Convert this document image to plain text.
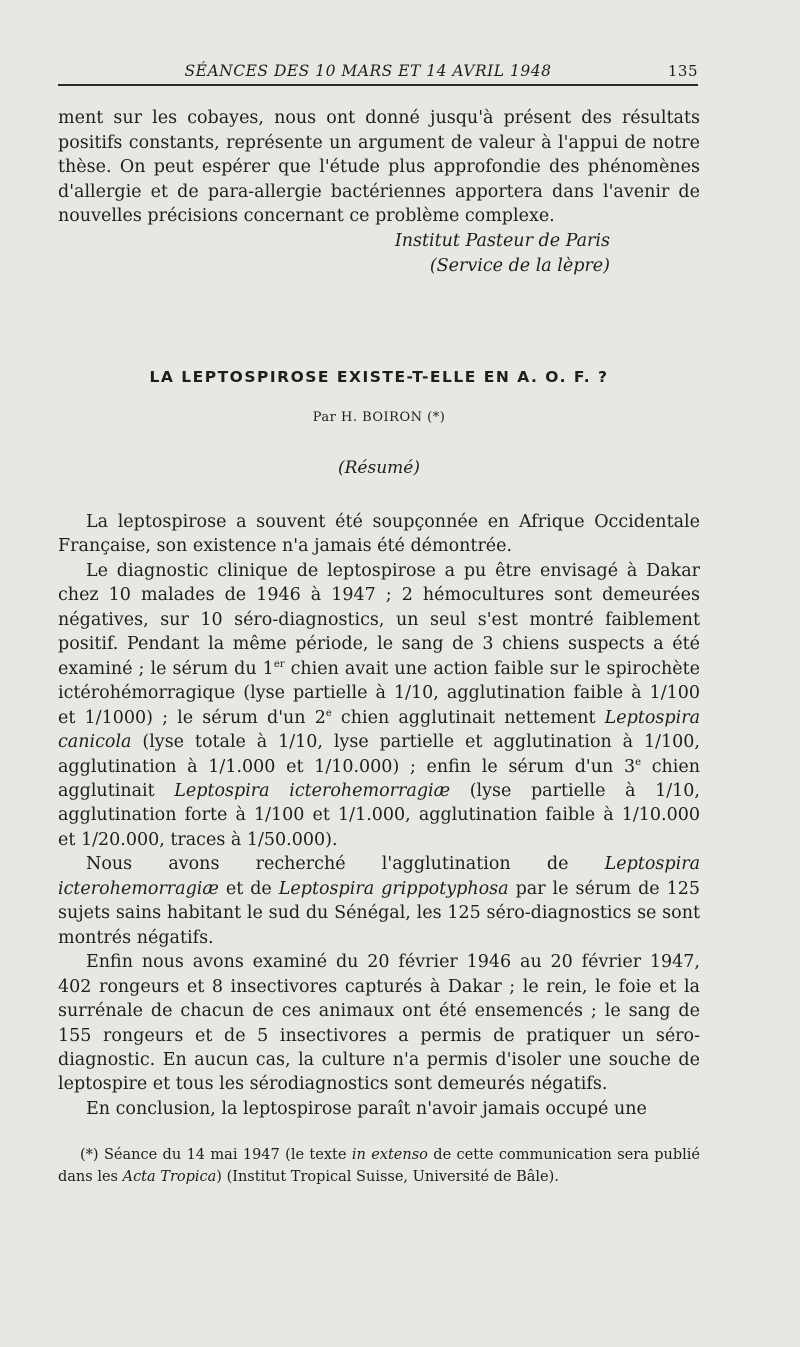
SÉANCES DES 10 MARS ET 14 AVRIL 1948	135

ment sur les cobayes, nous ont donné jusqu'à présent des résultats positifs constants, représente un argument de valeur à l'appui de notre thèse. On peut espérer que l'étude plus approfondie des phénomènes d'allergie et de para-allergie bactériennes apportera dans l'avenir de nouvelles précisions concernant ce problème complexe.

Institut Pasteur de Paris

(Service de la lèpre)

LA LEPTOSPIROSE EXISTE-T-ELLE EN A. O. F. ?
Par H. BOIRON (*)
(Résumé)

La leptospirose a souvent été soupçonnée en Afrique Occidentale Française, son existence n'a jamais été démontrée.

Le diagnostic clinique de leptospirose a pu être envisagé à Dakar chez 10 malades de 1946 à 1947 ; 2 hémocultures sont demeurées négatives, sur 10 séro-diagnostics, un seul s'est montré faiblement positif. Pendant la même période, le sang de 3 chiens suspects a été examiné ; le sérum du 1er chien avait une action faible sur le spirochète ictérohémorragique (lyse partielle à 1/10, agglutination faible à 1/100 et 1/1000) ; le sérum d'un 2e chien agglutinait nettement Leptospira canicola (lyse totale à 1/10, lyse partielle et agglutination à 1/100, agglutination à 1/1.000 et 1/10.000) ; enfin le sérum d'un 3e chien agglutinait Leptospira icterohemorragiæ (lyse partielle à 1/10, agglutination forte à 1/100 et 1/1.000, agglutination faible à 1/10.000 et 1/20.000, traces à 1/50.000).

Nous avons recherché l'agglutination de Leptospira icterohemorragiæ et de Leptospira grippotyphosa par le sérum de 125 sujets sains habitant le sud du Sénégal, les 125 séro-diagnostics se sont montrés négatifs.

Enfin nous avons examiné du 20 février 1946 au 20 février 1947, 402 rongeurs et 8 insectivores capturés à Dakar ; le rein, le foie et la surrénale de chacun de ces animaux ont été ensemencés ; le sang de 155 rongeurs et de 5 insectivores a permis de pratiquer un séro-diagnostic. En aucun cas, la culture n'a permis d'isoler une souche de leptospire et tous les sérodiagnostics sont demeurés négatifs.

En conclusion, la leptospirose paraît n'avoir jamais occupé une

(*) Séance du 14 mai 1947 (le texte in extenso de cette communication sera publié dans les Acta Tropica) (Institut Tropical Suisse, Université de Bâle).
